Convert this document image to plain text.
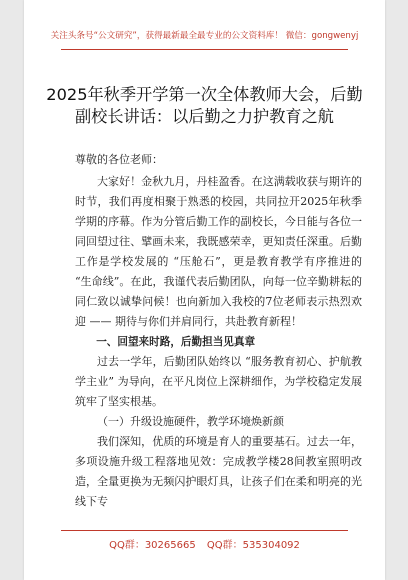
关注头条号“公文研究”，获得最新最全最专业的公文资料库！ 微信：gongwenyj
2025年秋季开学第一次全体教师大会，后勤
副校长讲话：以后勤之力护教育之航

尊敬的各位老师：

大家好！金秋九月，丹桂盈香。在这满载收获与期许的时节，我们再度相聚于熟悉的校园，共同拉开2025年秋季学期的序幕。作为分管后勤工作的副校长，今日能与各位一同回望过往、擘画未来，我既感荣幸，更知责任深重。后勤工作是学校发展的 “压舱石”，更是教育教学有序推进的 “生命线”。在此，我谨代表后勤团队，向每一位辛勤耕耘的同仁致以诚挚问候！也向新加入我校的7位老师表示热烈欢迎 —— 期待与你们并肩同行，共赴教育新程！

一、回望来时路，后勤担当见真章

过去一学年，后勤团队始终以 “服务教育初心、护航教学主业” 为导向，在平凡岗位上深耕细作，为学校稳定发展筑牢了坚实根基。

（一）升级设施硬件，教学环境焕新颜

我们深知，优质的环境是育人的重要基石。过去一年，多项设施升级工程落地见效：完成教学楼28间教室照明改造，全量更换为无频闪护眼灯具，让孩子们在柔和明亮的光线下专

QQ群：30265665 QQ群：535304092
